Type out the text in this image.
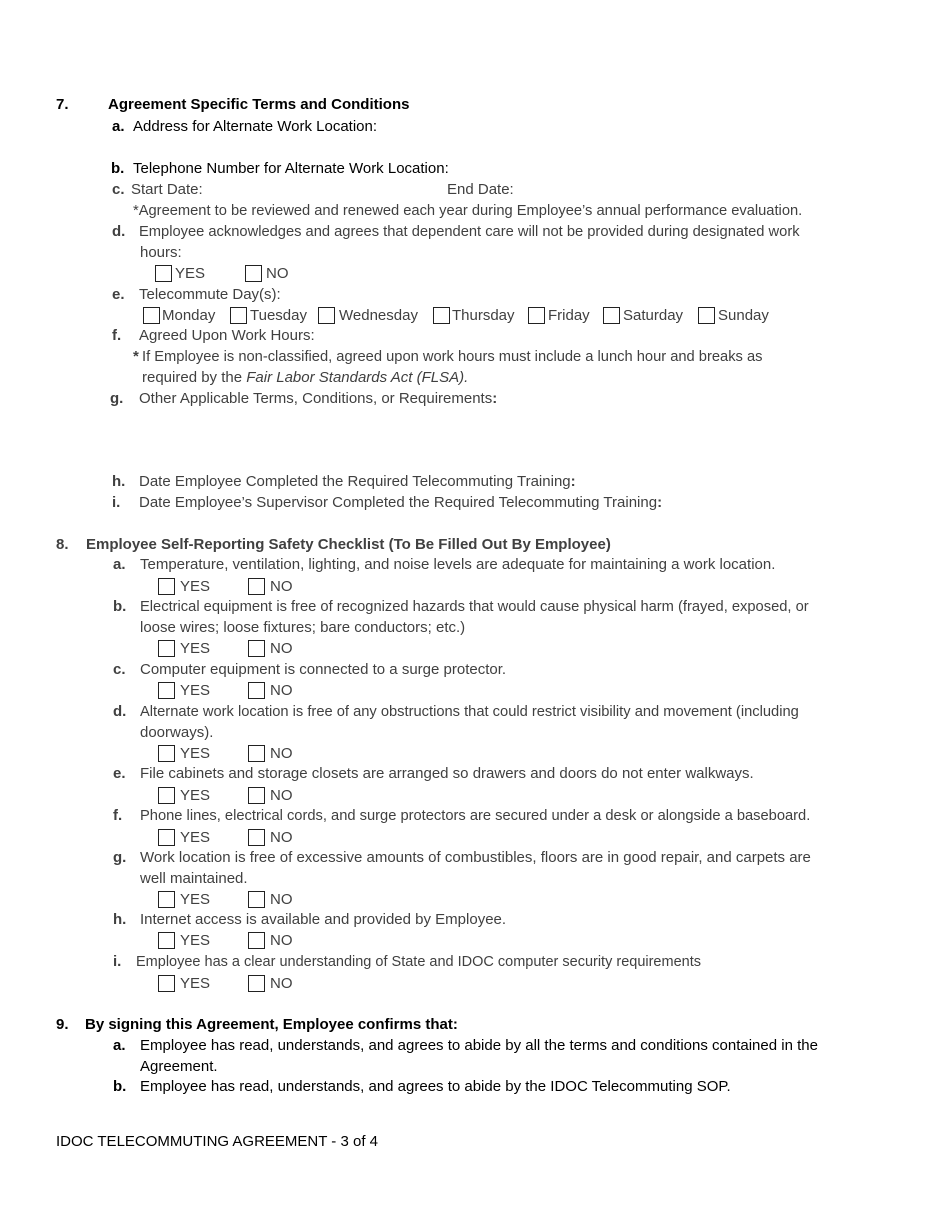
7.	Agreement Specific Terms and Conditions
a. Address for Alternate Work Location:
b. Telephone Number for Alternate Work Location:
c. Start Date:	End Date:
*Agreement to be reviewed and renewed each year during Employee’s annual performance evaluation.
d. Employee acknowledges and agrees that dependent care will not be provided during designated work
hours:
YES	NO
e. Telecommute Day(s):
Monday Tuesday Wednesday Thursday Friday Saturday Sunday
f. Agreed Upon Work Hours:
* If Employee is non-classified, agreed upon work hours must include a lunch hour and breaks as
required by the Fair Labor Standards Act (FLSA).
g. Other Applicable Terms, Conditions, or Requirements:
h. Date Employee Completed the Required Telecommuting Training:
i. Date Employee’s Supervisor Completed the Required Telecommuting Training:
8. Employee Self-Reporting Safety Checklist (To Be Filled Out By Employee)
a. Temperature, ventilation, lighting, and noise levels are adequate for maintaining a work location.
YES	NO
b. Electrical equipment is free of recognized hazards that would cause physical harm (frayed, exposed, or
loose wires; loose fixtures; bare conductors; etc.)
YES	NO
c. Computer equipment is connected to a surge protector.
YES	NO
d. Alternate work location is free of any obstructions that could restrict visibility and movement (including
doorways).
YES	NO
e. File cabinets and storage closets are arranged so drawers and doors do not enter walkways.
YES	NO
f. Phone lines, electrical cords, and surge protectors are secured under a desk or alongside a baseboard.
YES	NO
g. Work location is free of excessive amounts of combustibles, floors are in good repair, and carpets are
well maintained.
YES	NO
h. Internet access is available and provided by Employee.
YES	NO
i. Employee has a clear understanding of State and IDOC computer security requirements
YES	NO
9. By signing this Agreement, Employee confirms that:
a. Employee has read, understands, and agrees to abide by all the terms and conditions contained in the
Agreement.
b. Employee has read, understands, and agrees to abide by the IDOC Telecommuting SOP.
IDOC TELECOMMUTING AGREEMENT - 3 of 4
